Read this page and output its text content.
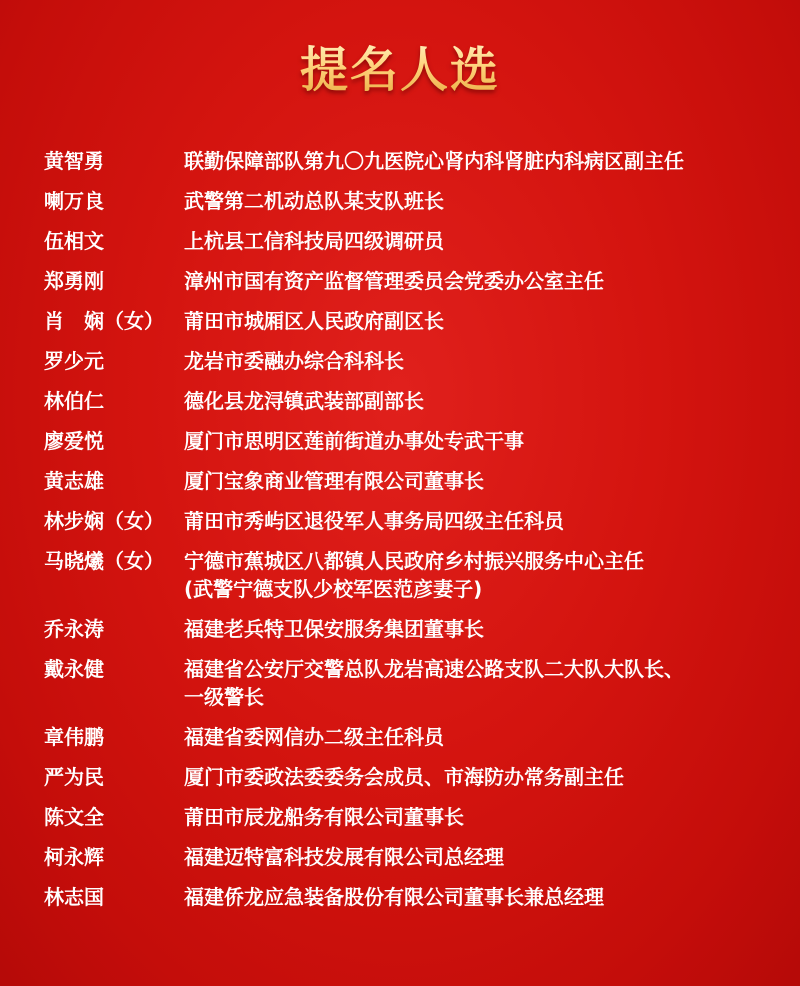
提名人选
黄智勇	联勤保障部队第九〇九医院心肾内科肾脏内科病区副主任
喇万良	武警第二机动总队某支队班长
伍相文	上杭县工信科技局四级调研员
郑勇刚	漳州市国有资产监督管理委员会党委办公室主任
肖　娴（女）	莆田市城厢区人民政府副区长
罗少元	龙岩市委融办综合科科长
林伯仁	德化县龙浔镇武装部副部长
廖爱悦	厦门市思明区莲前街道办事处专武干事
黄志雄	厦门宝象商业管理有限公司董事长
林步娴（女）	莆田市秀屿区退役军人事务局四级主任科员
马晓爔（女）	宁德市蕉城区八都镇人民政府乡村振兴服务中心主任
(武警宁德支队少校军医范彦妻子)
乔永涛	福建老兵特卫保安服务集团董事长
戴永健	福建省公安厅交警总队龙岩高速公路支队二大队大队长、
一级警长
章伟鹏	福建省委网信办二级主任科员
严为民	厦门市委政法委委务会成员、市海防办常务副主任
陈文全	莆田市辰龙船务有限公司董事长
柯永辉	福建迈特富科技发展有限公司总经理
林志国	福建侨龙应急装备股份有限公司董事长兼总经理
